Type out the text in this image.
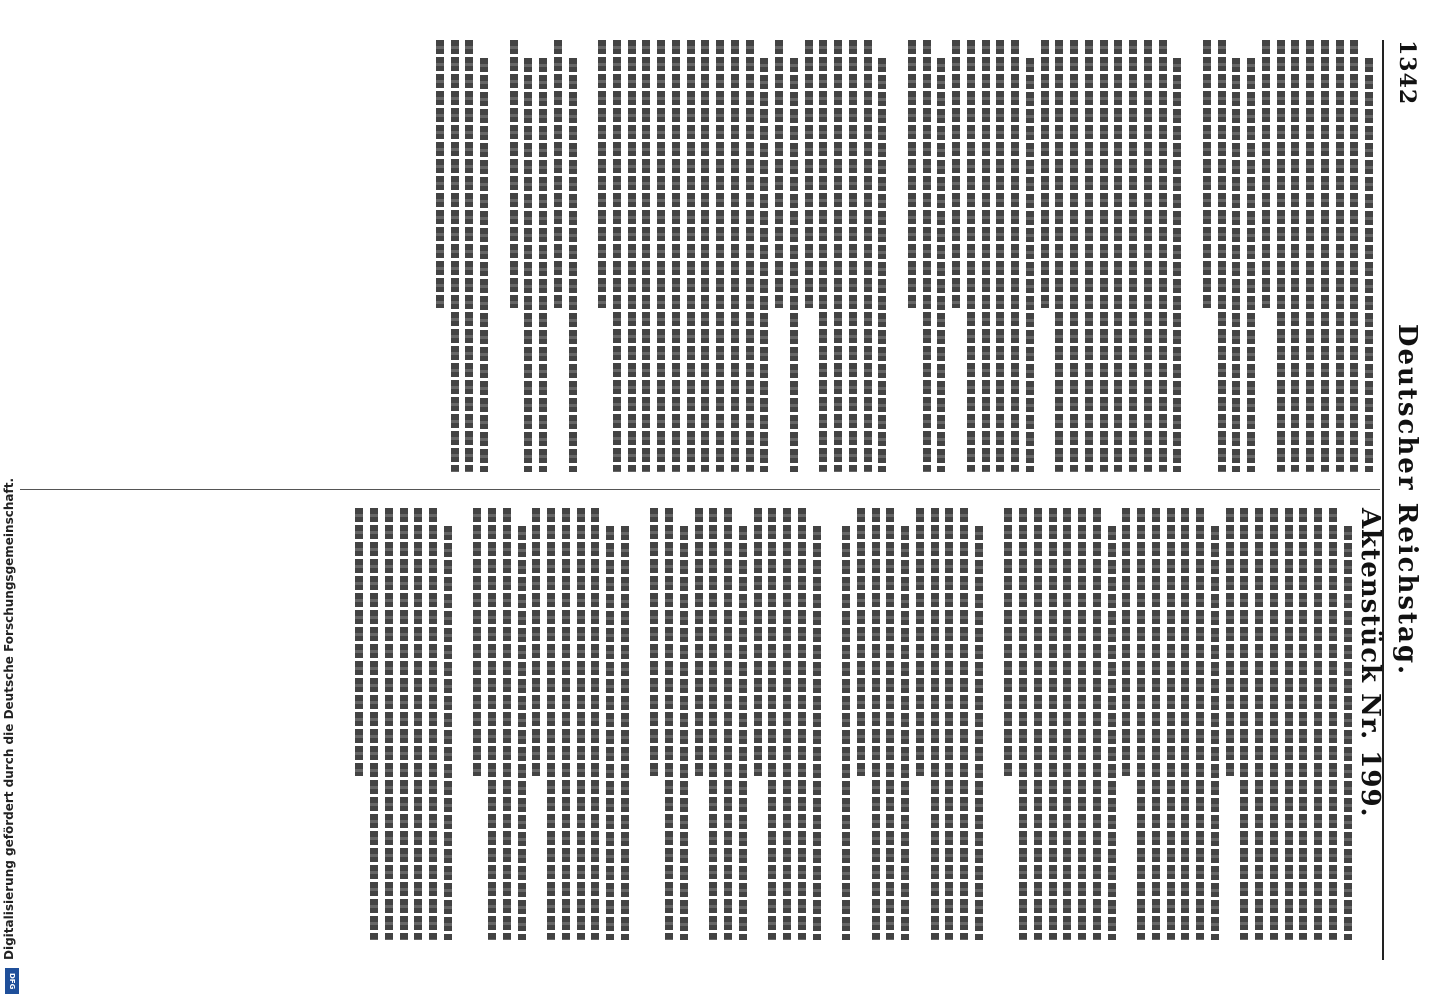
1342
Deutscher Reichstag.
Aktenstück Nr. 199.
Digitalisierung gefördert durch die Deutsche Forschungsgemeinschaft.
DFG
